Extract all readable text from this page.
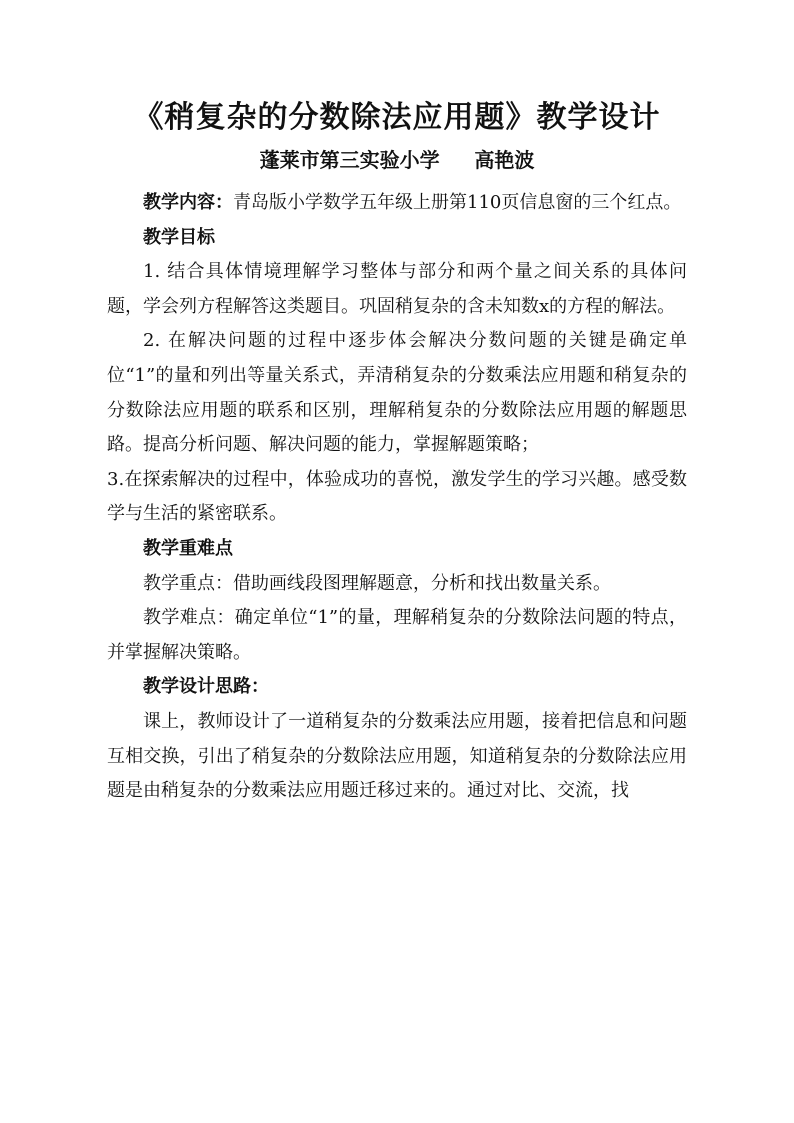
《稍复杂的分数除法应用题》教学设计
蓬莱市第三实验小学     高艳波

教学内容：青岛版小学数学五年级上册第110页信息窗的三个红点。

教学目标

1. 结合具体情境理解学习整体与部分和两个量之间关系的具体问题，学会列方程解答这类题目。巩固稍复杂的含未知数x的方程的解法。

2. 在解决问题的过程中逐步体会解决分数问题的关键是确定单位“1”的量和列出等量关系式，弄清稍复杂的分数乘法应用题和稍复杂的分数除法应用题的联系和区别，理解稍复杂的分数除法应用题的解题思路。提高分析问题、解决问题的能力，掌握解题策略；

3.在探索解决的过程中，体验成功的喜悦，激发学生的学习兴趣。感受数学与生活的紧密联系。

教学重难点

教学重点：借助画线段图理解题意，分析和找出数量关系。

教学难点：确定单位“1”的量，理解稍复杂的分数除法问题的特点，并掌握解决策略。

教学设计思路：

课上，教师设计了一道稍复杂的分数乘法应用题，接着把信息和问题互相交换，引出了稍复杂的分数除法应用题，知道稍复杂的分数除法应用题是由稍复杂的分数乘法应用题迁移过来的。通过对比、交流，找
